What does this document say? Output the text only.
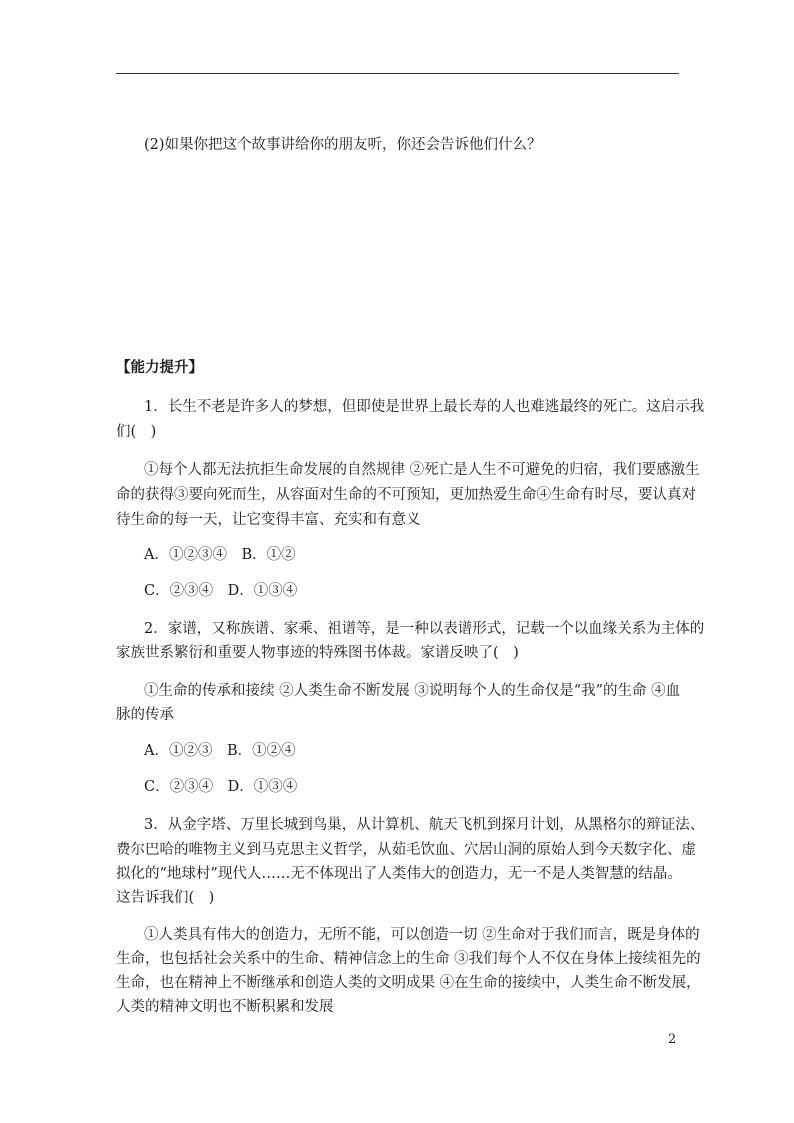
(2)如果你把这个故事讲给你的朋友听，你还会告诉他们什么？
【能力提升】
1．长生不老是许多人的梦想，但即使是世界上最长寿的人也难逃最终的死亡。这启示我
们(　)
①每个人都无法抗拒生命发展的自然规律 ②死亡是人生不可避免的归宿，我们要感激生
命的获得③要向死而生，从容面对生命的不可预知，更加热爱生命④生命有时尽，要认真对
待生命的每一天，让它变得丰富、充实和有意义
A．①②③④　B．①②
C．②③④　D．①③④
2．家谱，又称族谱、家乘、祖谱等，是一种以表谱形式，记载一个以血缘关系为主体的
家族世系繁衍和重要人物事迹的特殊图书体裁。家谱反映了(　)
①生命的传承和接续 ②人类生命不断发展 ③说明每个人的生命仅是“我”的生命 ④血
脉的传承
A．①②③　B．①②④
C．②③④　D．①③④
3．从金字塔、万里长城到鸟巢，从计算机、航天飞机到探月计划，从黑格尔的辩证法、
费尔巴哈的唯物主义到马克思主义哲学，从茹毛饮血、穴居山洞的原始人到今天数字化、虚
拟化的“地球村”现代人……无不体现出了人类伟大的创造力，无一不是人类智慧的结晶。
这告诉我们(　)
①人类具有伟大的创造力，无所不能，可以创造一切 ②生命对于我们而言，既是身体的
生命，也包括社会关系中的生命、精神信念上的生命 ③我们每个人不仅在身体上接续祖先的
生命，也在精神上不断继承和创造人类的文明成果 ④在生命的接续中，人类生命不断发展，
人类的精神文明也不断积累和发展
2
